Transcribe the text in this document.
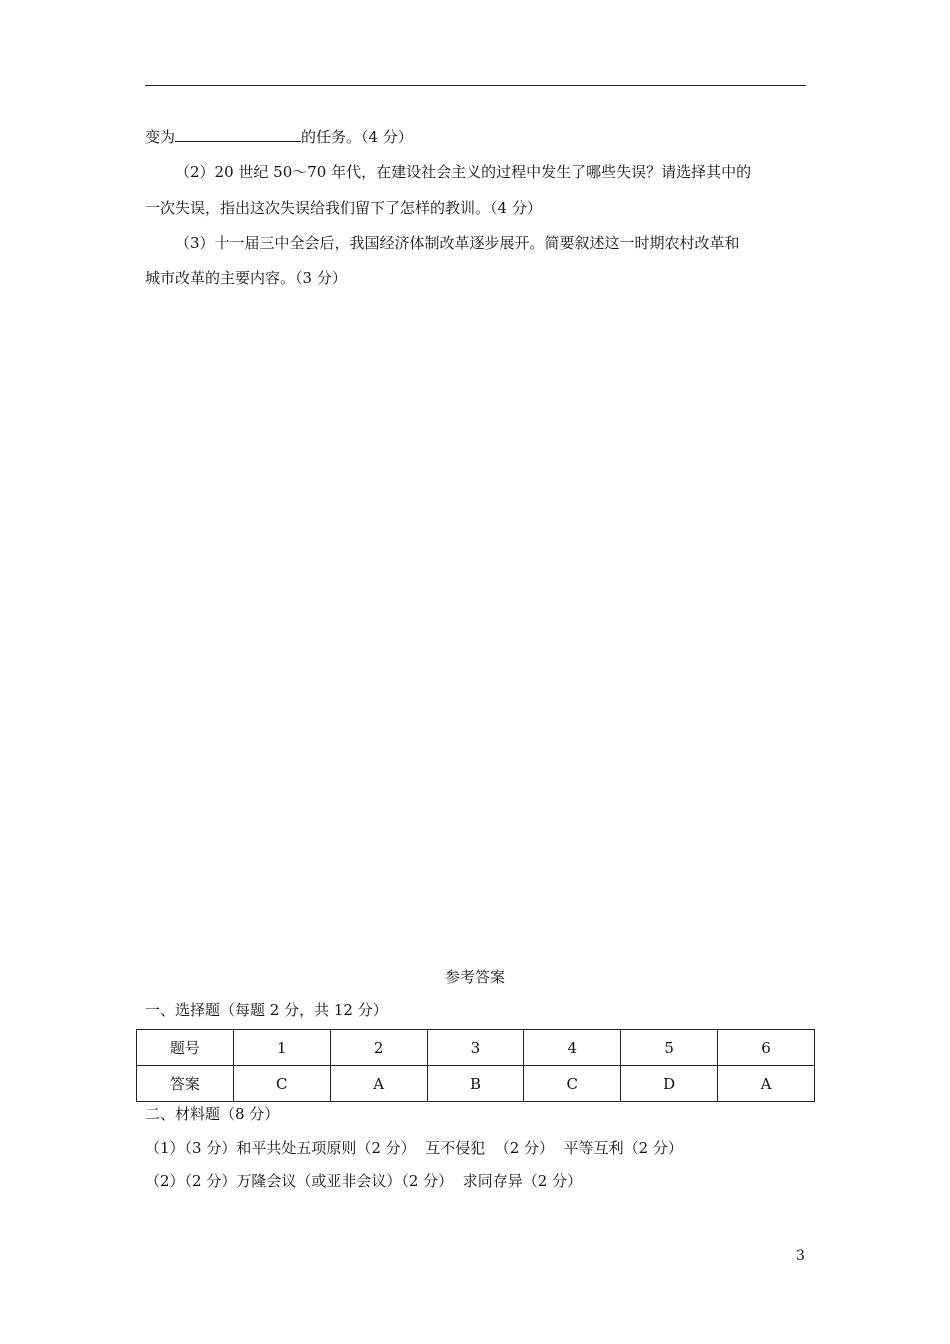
变为	的任务。（4 分）
（2）20 世纪 50～70 年代，在建设社会主义的过程中发生了哪些失误？请选择其中的
一次失误，指出这次失误给我们留下了怎样的教训。（4 分）
（3）十一届三中全会后，我国经济体制改革逐步展开。简要叙述这一时期农村改革和
城市改革的主要内容。（3 分）
参考答案
一、选择题（每题 2 分，共 12 分）
题号	1	2	3	4	5	6
答案	C	A	B	C	D	A
二、材料题（8 分）
（1）（3 分）和平共处五项原则（2 分）  互不侵犯  （2 分）  平等互利（2 分）
（2）（2 分）万隆会议（或亚非会议）（2 分）  求同存异（2 分）
3
